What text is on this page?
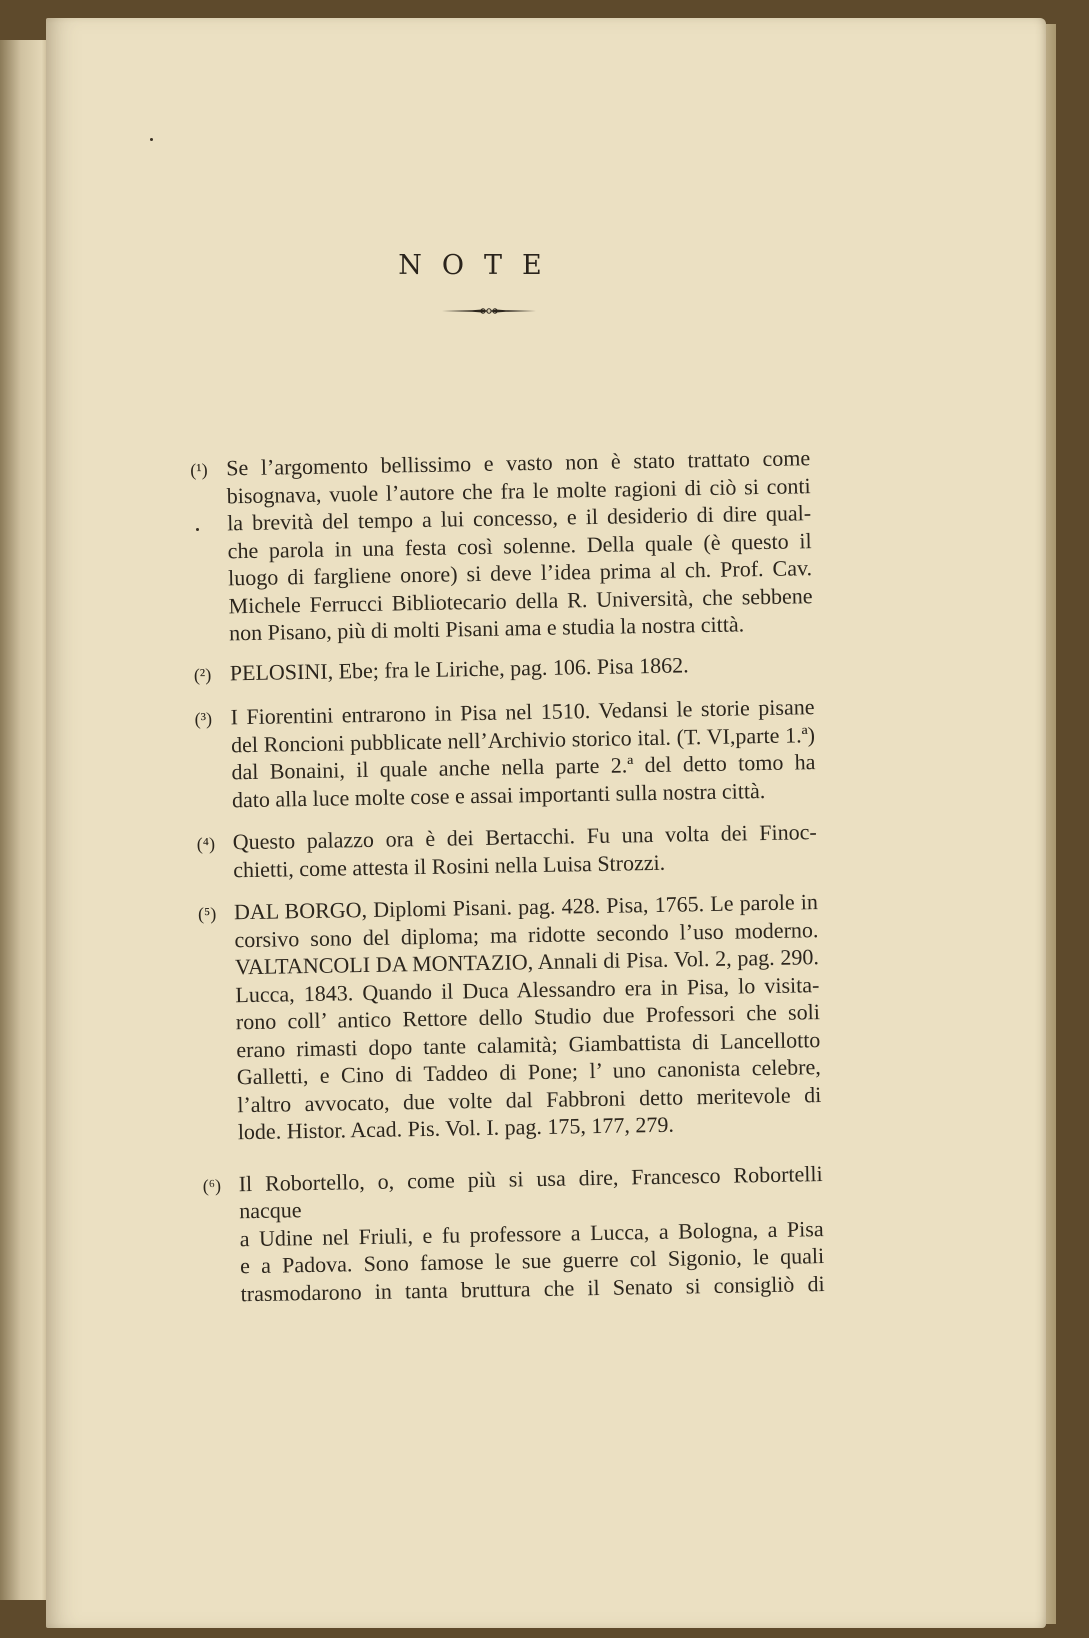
NOTE
(¹) Se l’argomento bellissimo e vasto non è stato trattato come
bisognava, vuole l’autore che fra le molte ragioni di ciò si conti
la brevità del tempo a lui concesso, e il desiderio di dire qual-
che parola in una festa così solenne. Della quale (è questo il
luogo di fargliene onore) si deve l’idea prima al ch. Prof. Cav.
Michele Ferrucci Bibliotecario della R. Università, che sebbene
non Pisano, più di molti Pisani ama e studia la nostra città.
(²) PELOSINI, Ebe; fra le Liriche, pag. 106. Pisa 1862.
(³) I Fiorentini entrarono in Pisa nel 1510. Vedansi le storie pisane
del Roncioni pubblicate nell’Archivio storico ital. (T. VI,parte 1.ª)
dal Bonaini, il quale anche nella parte 2.ª del detto tomo ha
dato alla luce molte cose e assai importanti sulla nostra città.
(⁴) Questo palazzo ora è dei Bertacchi. Fu una volta dei Finoc-
chietti, come attesta il Rosini nella Luisa Strozzi.
(⁵) DAL BORGO, Diplomi Pisani. pag. 428. Pisa, 1765. Le parole in
corsivo sono del diploma; ma ridotte secondo l’uso moderno.
VALTANCOLI DA MONTAZIO, Annali di Pisa. Vol. 2, pag. 290.
Lucca, 1843. Quando il Duca Alessandro era in Pisa, lo visita-
rono coll’ antico Rettore dello Studio due Professori che soli
erano rimasti dopo tante calamità; Giambattista di Lancellotto
Galletti, e Cino di Taddeo di Pone; l’ uno canonista celebre,
l’altro avvocato, due volte dal Fabbroni detto meritevole di
lode. Histor. Acad. Pis. Vol. I. pag. 175, 177, 279.
(⁶) Il Robortello, o, come più si usa dire, Francesco Robortelli nacque
a Udine nel Friuli, e fu professore a Lucca, a Bologna, a Pisa
e a Padova. Sono famose le sue guerre col Sigonio, le quali
trasmodarono in tanta bruttura che il Senato si consigliò di
